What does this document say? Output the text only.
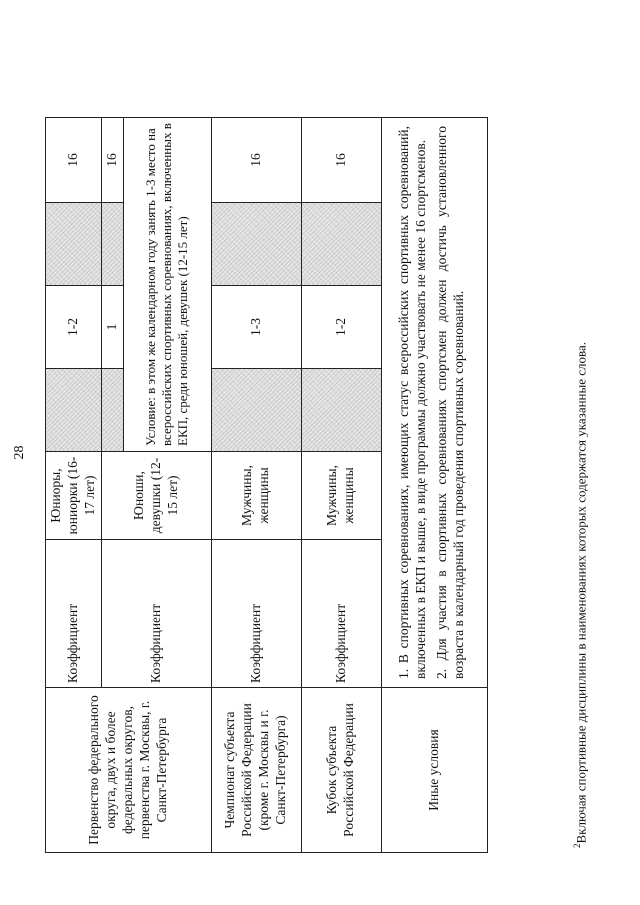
28
Первенство федерального округа, двух и более федеральных округов, первенства г. Москвы, г. Санкт-Петербурга	Коэффициент	Юниоры, юниорки (16-17 лет)		1-2		16
	Коэффициент	Юноши, девушки (12-15 лет)		1		16
			Условие: в этом же календарном году занять 1-3 место на всероссийских спортивных соревнованиях, включенных в ЕКП, среди юношей, девушек (12-15 лет)			
Чемпионат субъекта Российской Федерации (кроме г. Москвы и г. Санкт-Петербурга)	Коэффициент	Мужчины, женщины		1-3		16
Кубок субъекта Российской Федерации	Коэффициент	Мужчины, женщины		1-2		16
Иные условия	1. В спортивных соревнованиях, имеющих статус всероссийских спортивных соревнований, включенных в ЕКП и выше, в виде программы должно участвовать не менее 16 спортсменов. 2. Для участия в спортивных соревнованиях спортсмен должен достичь установленного возраста в календарный год проведения спортивных соревнований.					

$^2$Включая спортивные дисциплины в наименованиях которых содержатся указанные слова.
